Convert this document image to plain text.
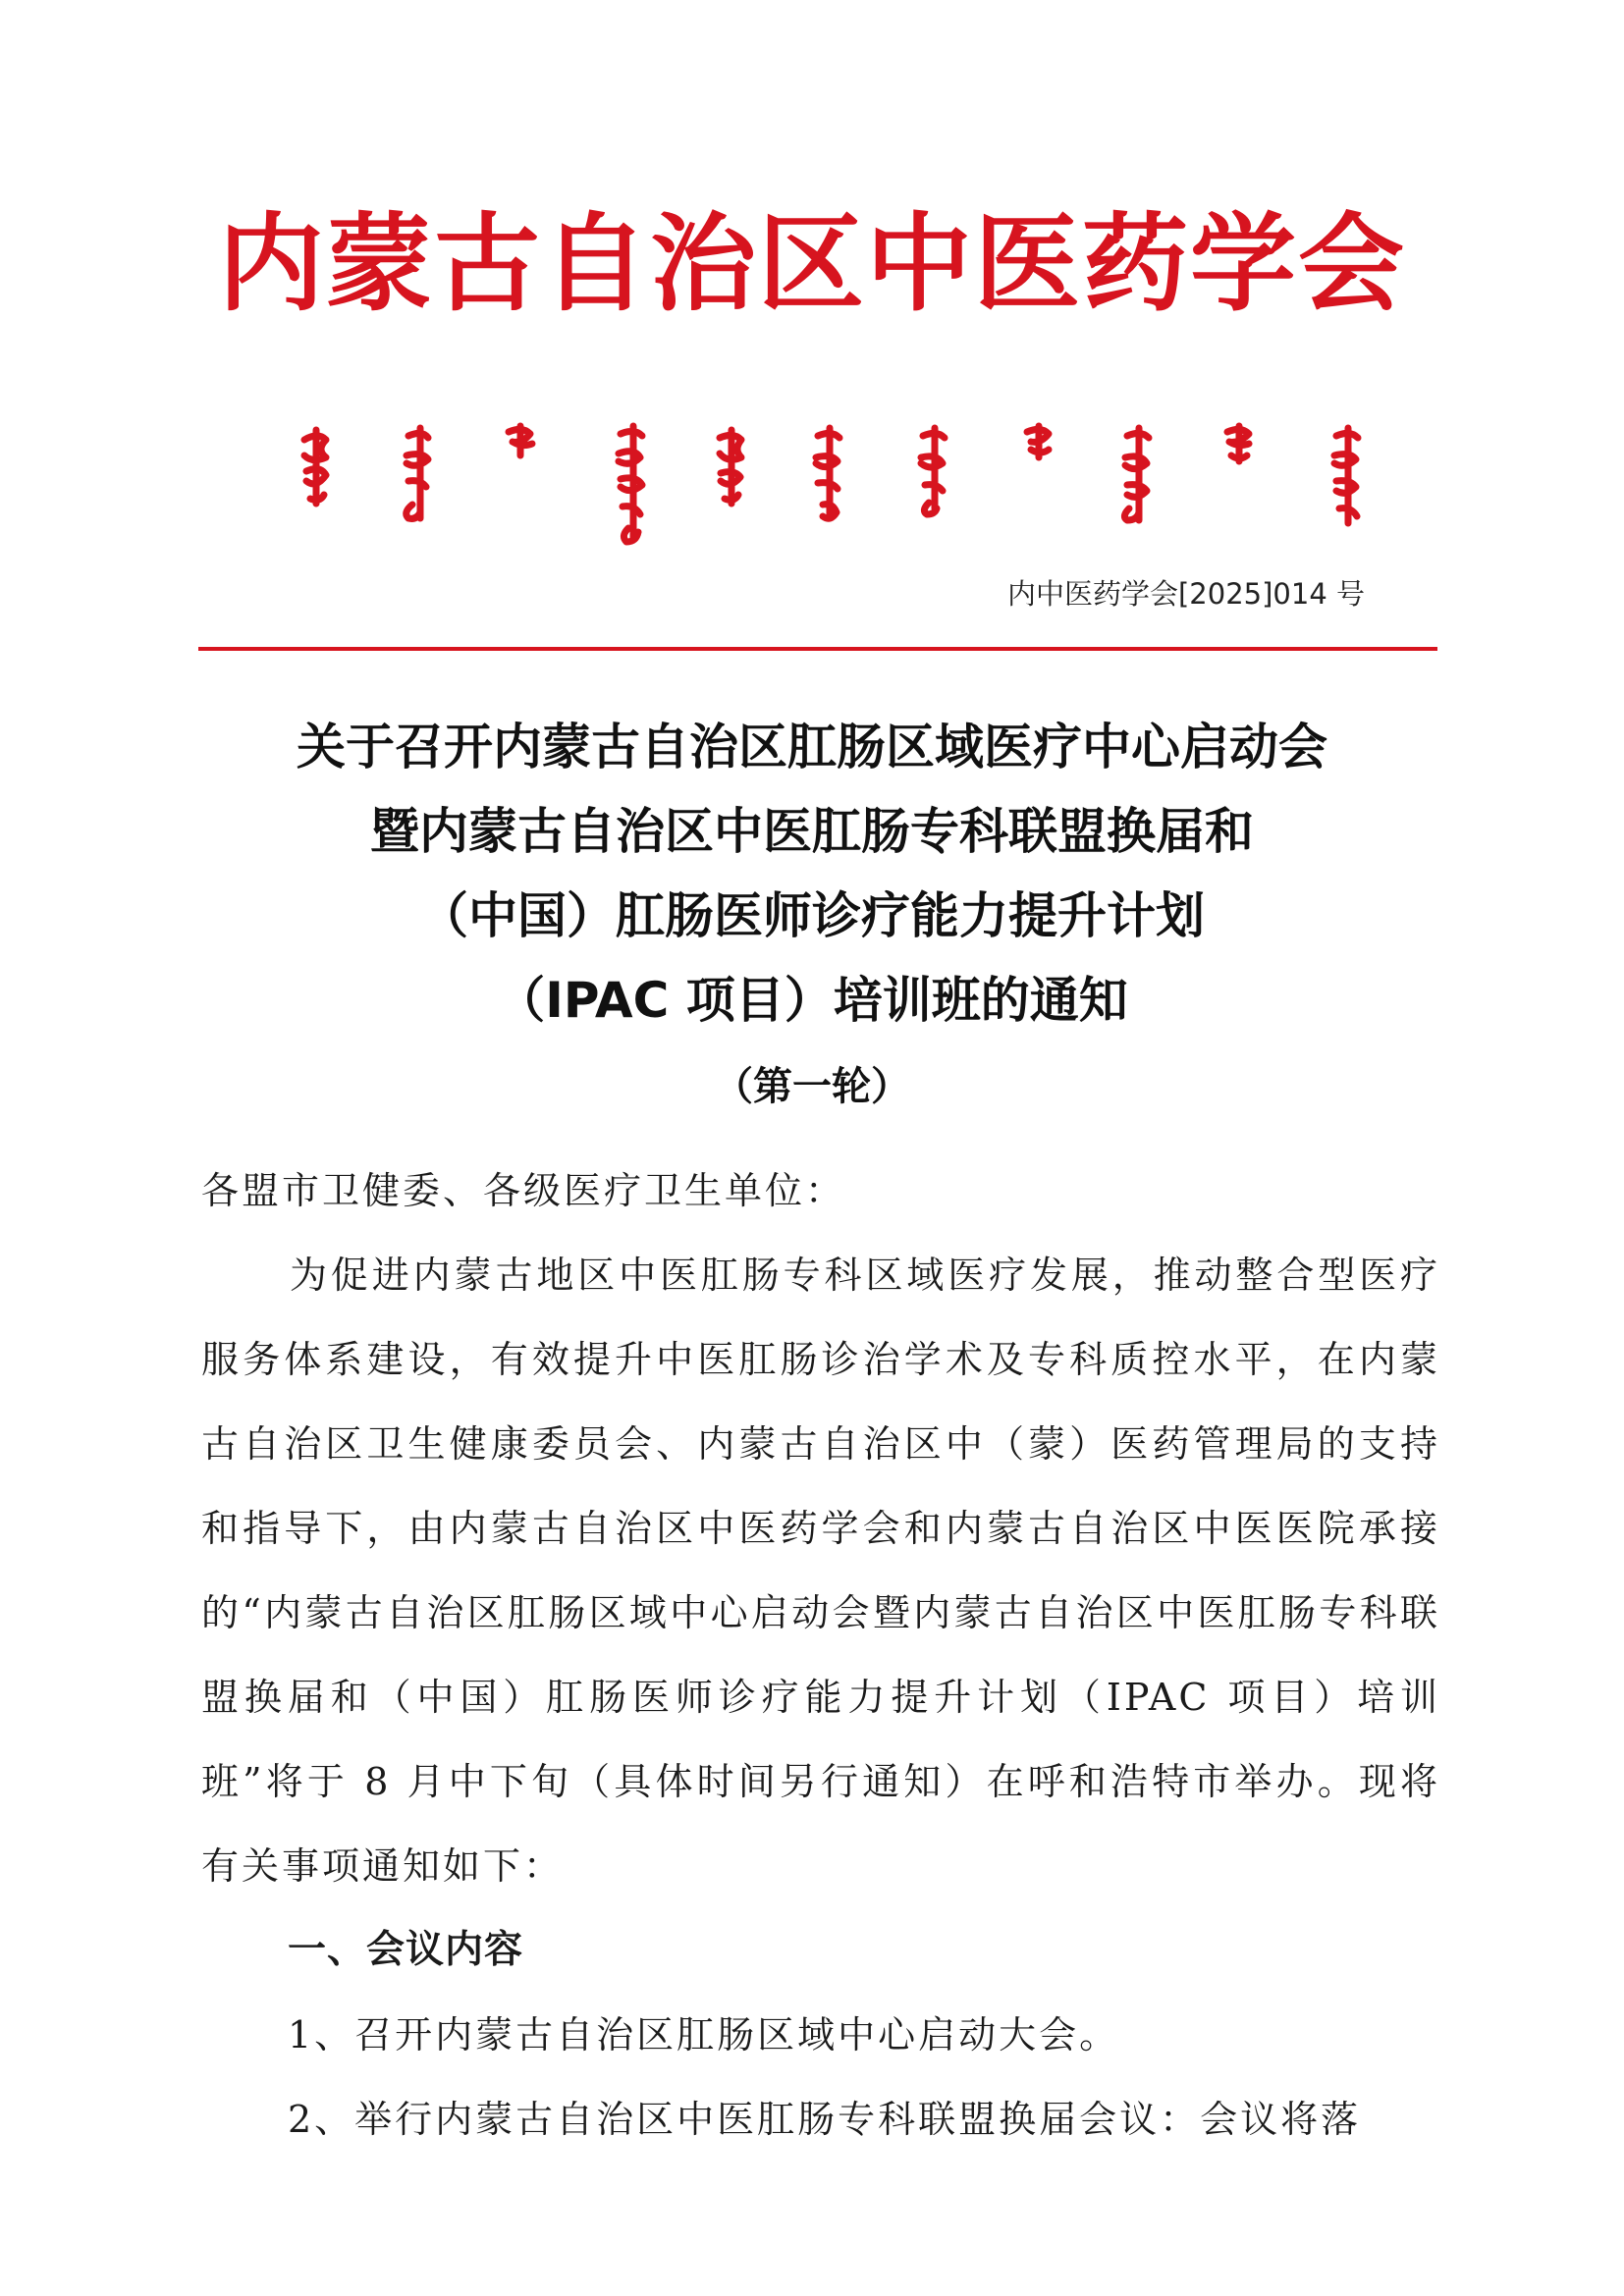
内蒙古自治区中医药学会
内中医药学会[2025]014 号
关于召开内蒙古自治区肛肠区域医疗中心启动会
暨内蒙古自治区中医肛肠专科联盟换届和
（中国）肛肠医师诊疗能力提升计划
（IPAC 项目）培训班的通知
（第一轮）
各盟市卫健委、各级医疗卫生单位：
为促进内蒙古地区中医肛肠专科区域医疗发展，推动整合型医疗服务体系建设，有效提升中医肛肠诊治学术及专科质控水平，在内蒙古自治区卫生健康委员会、内蒙古自治区中（蒙）医药管理局的支持和指导下，由内蒙古自治区中医药学会和内蒙古自治区中医医院承接的“内蒙古自治区肛肠区域中心启动会暨内蒙古自治区中医肛肠专科联盟换届和（中国）肛肠医师诊疗能力提升计划（IPAC 项目）培训班”将于 8 月中下旬（具体时间另行通知）在呼和浩特市举办。现将有关事项通知如下：
一、会议内容
1、召开内蒙古自治区肛肠区域中心启动大会。
2、举行内蒙古自治区中医肛肠专科联盟换届会议：会议将落
